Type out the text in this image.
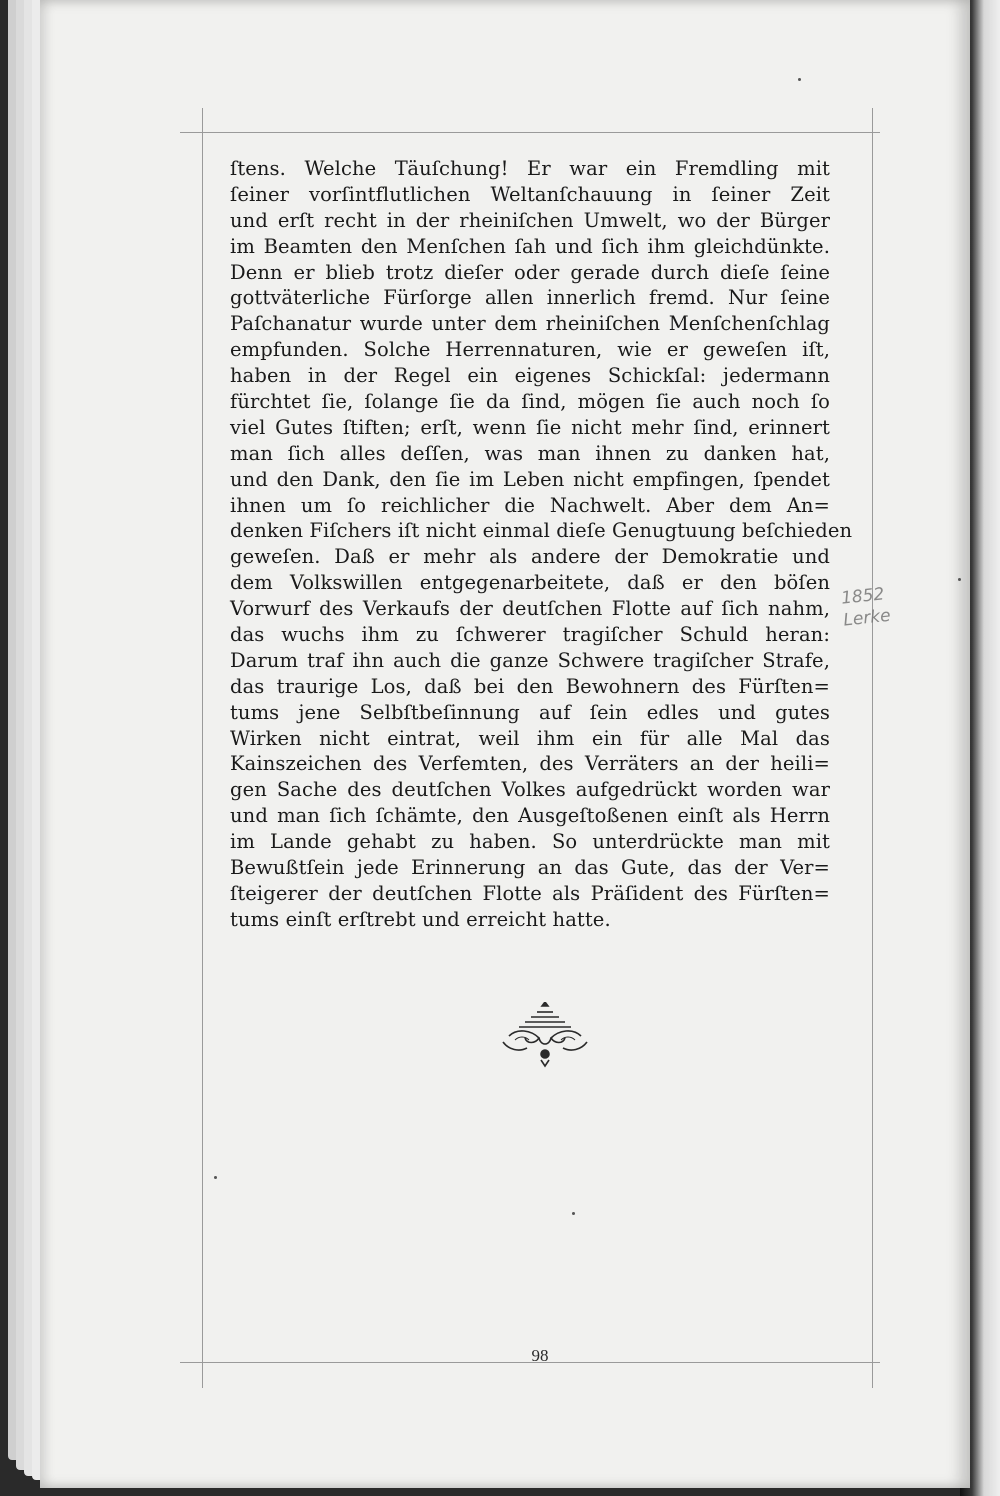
ſtens. Welche Täuſchung! Er war ein Fremdling mit
ſeiner vorſintflutlichen Weltanſchauung in ſeiner Zeit
und erſt recht in der rheiniſchen Umwelt, wo der Bürger
im Beamten den Menſchen ſah und ſich ihm gleichdünkte.
Denn er blieb trotz dieſer oder gerade durch dieſe ſeine
gottväterliche Fürſorge allen innerlich fremd. Nur ſeine
Paſchanatur wurde unter dem rheiniſchen Menſchenſchlag
empfunden. Solche Herrennaturen, wie er geweſen iſt,
haben in der Regel ein eigenes Schickſal: jedermann
fürchtet ſie, ſolange ſie da ſind, mögen ſie auch noch ſo
viel Gutes ſtiften; erſt, wenn ſie nicht mehr ſind, erinnert
man ſich alles deſſen, was man ihnen zu danken hat,
und den Dank, den ſie im Leben nicht empfingen, ſpendet
ihnen um ſo reichlicher die Nachwelt. Aber dem An=
denken Fiſchers iſt nicht einmal dieſe Genugtuung beſchieden
geweſen. Daß er mehr als andere der Demokratie und
dem Volkswillen entgegenarbeitete, daß er den böſen
Vorwurf des Verkaufs der deutſchen Flotte auf ſich nahm,
das wuchs ihm zu ſchwerer tragiſcher Schuld heran:
Darum traf ihn auch die ganze Schwere tragiſcher Strafe,
das traurige Los, daß bei den Bewohnern des Fürſten=
tums jene Selbſtbeſinnung auf ſein edles und gutes
Wirken nicht eintrat, weil ihm ein für alle Mal das
Kainszeichen des Verfemten, des Verräters an der heili=
gen Sache des deutſchen Volkes aufgedrückt worden war
und man ſich ſchämte, den Ausgeſtoßenen einſt als Herrn
im Lande gehabt zu haben. So unterdrückte man mit
Bewußtſein jede Erinnerung an das Gute, das der Ver=
ſteigerer der deutſchen Flotte als Präſident des Fürſten=
tums einſt erſtrebt und erreicht hatte.
1852
Lerke
98
